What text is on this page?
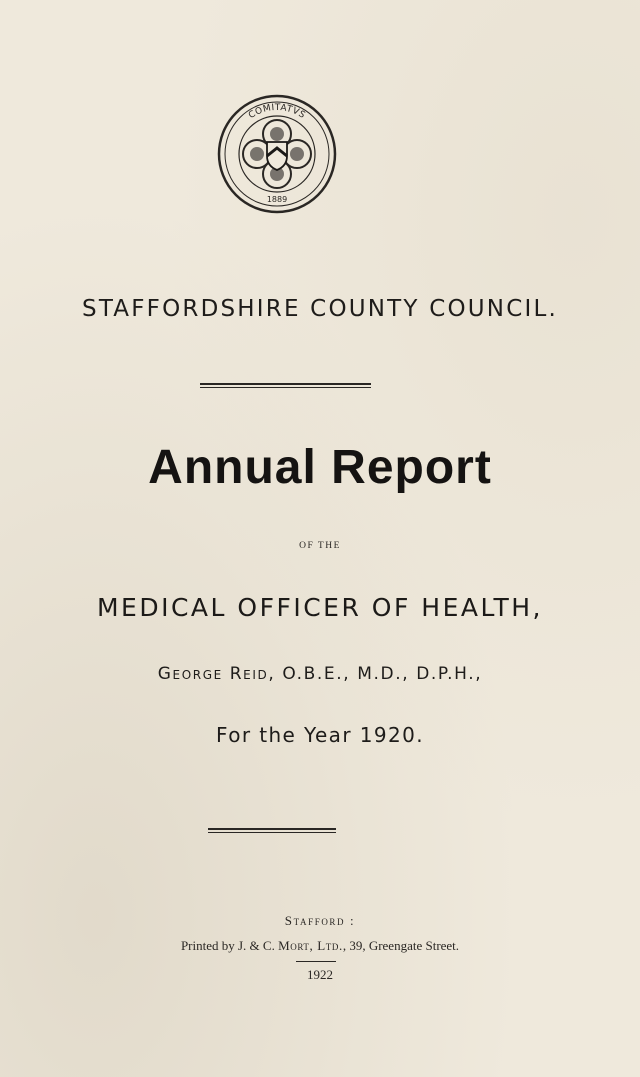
COMITATVS
1889
STAFFORDSHIRE COUNTY COUNCIL.
Annual Report
OF THE
MEDICAL OFFICER OF HEALTH,
George Reid, O.B.E., M.D., D.P.H.,
For the Year 1920.
Stafford :
Printed by J. & C. Mort, Ltd., 39, Greengate Street.
1922
